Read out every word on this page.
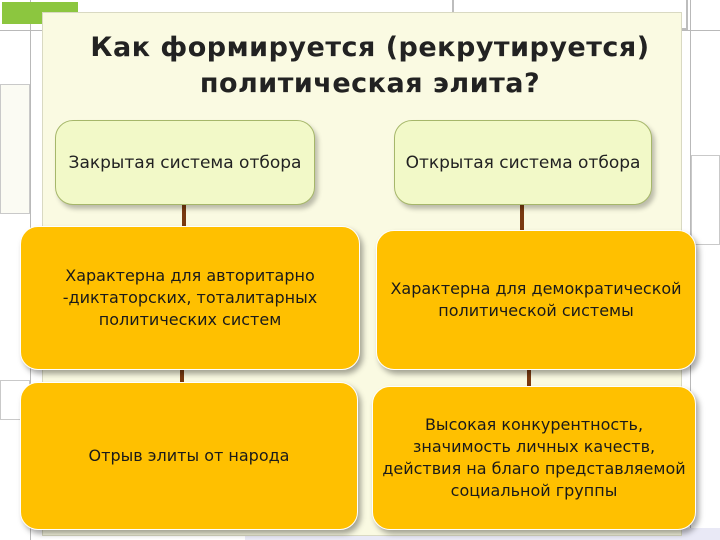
Как формируется (рекрутируется) политическая элита?
Закрытая система отбора
Характерна для авторитарно -диктаторских, тоталитарных политических систем
Отрыв элиты от народа
Открытая система отбора
Характерна для демократической политической системы
Высокая конкурентность, значимость личных качеств, действия на благо представляемой социальной группы
